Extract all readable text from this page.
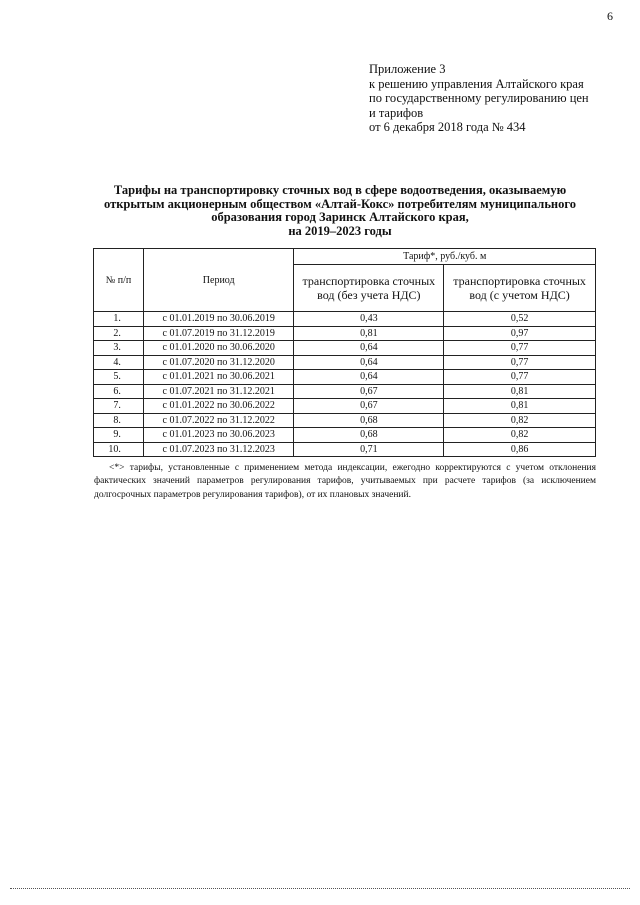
6
Приложение 3
к решению управления Алтайского края
по государственному регулированию цен
и тарифов
от 6 декабря 2018 года № 434
Тарифы на транспортировку сточных вод в сфере водоотведения, оказываемую
открытым акционерным обществом «Алтай-Кокс» потребителям муниципального
образования город Заринск Алтайского края,
на 2019–2023 годы
№ п/п	Период	Тариф*, руб./куб. м	
		транспортировка сточных вод (без учета НДС)	транспортировка сточных вод (с учетом НДС)
1.	с 01.01.2019 по 30.06.2019	0,43	0,52
2.	с 01.07.2019 по 31.12.2019	0,81	0,97
3.	с 01.01.2020 по 30.06.2020	0,64	0,77
4.	с 01.07.2020 по 31.12.2020	0,64	0,77
5.	с 01.01.2021 по 30.06.2021	0,64	0,77
6.	с 01.07.2021 по 31.12.2021	0,67	0,81
7.	с 01.01.2022 по 30.06.2022	0,67	0,81
8.	с 01.07.2022 по 31.12.2022	0,68	0,82
9.	с 01.01.2023 по 30.06.2023	0,68	0,82
10.	с 01.07.2023 по 31.12.2023	0,71	0,86

<*> тарифы, установленные с применением метода индексации, ежегодно корректируются с учетом отклонения фактических значений параметров регулирования тарифов, учитываемых при расчете тарифов (за исключением долгосрочных параметров регулирования тарифов), от их плановых значений.
